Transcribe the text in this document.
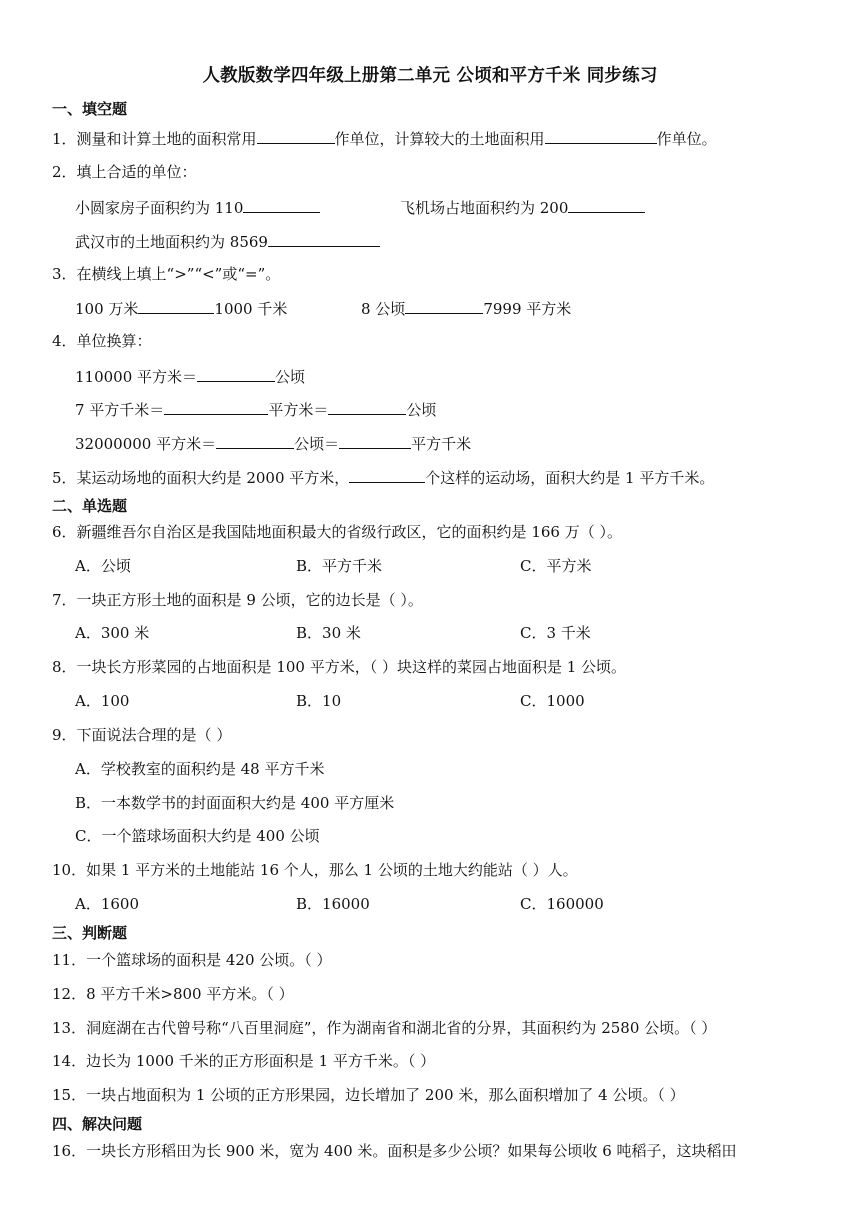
人教版数学四年级上册第二单元 公顷和平方千米 同步练习
一、填空题
1．测量和计算土地的面积常用	作单位，计算较大的土地面积用	作单位。
2．填上合适的单位：
小圆家房子面积约为 110	飞机场占地面积约为 200
武汉市的土地面积约为 8569
3．在横线上填上“>”“<”或“=”。
100 万米	1000 千米	8 公顷	7999 平方米
4．单位换算：
110000 平方米＝	公顷
7 平方千米＝	平方米＝	公顷
32000000 平方米＝	公顷＝	平方千米
5．某运动场地的面积大约是 2000 平方米，	个这样的运动场，面积大约是 1 平方千米。
二、单选题
6．新疆维吾尔自治区是我国陆地面积最大的省级行政区，它的面积约是 166 万（ ）。
A．公顷	B．平方千米	C．平方米
7．一块正方形土地的面积是 9 公顷，它的边长是（ ）。
A．300 米	B．30 米	C．3 千米
8．一块长方形菜园的占地面积是 100 平方米，（ ）块这样的菜园占地面积是 1 公顷。
A．100	B．10	C．1000
9．下面说法合理的是（ ）
A．学校教室的面积约是 48 平方千米
B．一本数学书的封面面积大约是 400 平方厘米
C．一个篮球场面积大约是 400 公顷
10．如果 1 平方米的土地能站 16 个人，那么 1 公顷的土地大约能站（ ）人。
A．1600	B．16000	C．160000
三、判断题
11．一个篮球场的面积是 420 公顷。（ ）
12．8 平方千米>800 平方米。（ ）
13．洞庭湖在古代曾号称“八百里洞庭”，作为湖南省和湖北省的分界，其面积约为 2580 公顷。（ ）
14．边长为 1000 千米的正方形面积是 1 平方千米。（ ）
15．一块占地面积为 1 公顷的正方形果园，边长增加了 200 米，那么面积增加了 4 公顷。（ ）
四、解决问题
16．一块长方形稻田为长 900 米，宽为 400 米。面积是多少公顷？如果每公顷收 6 吨稻子，这块稻田
